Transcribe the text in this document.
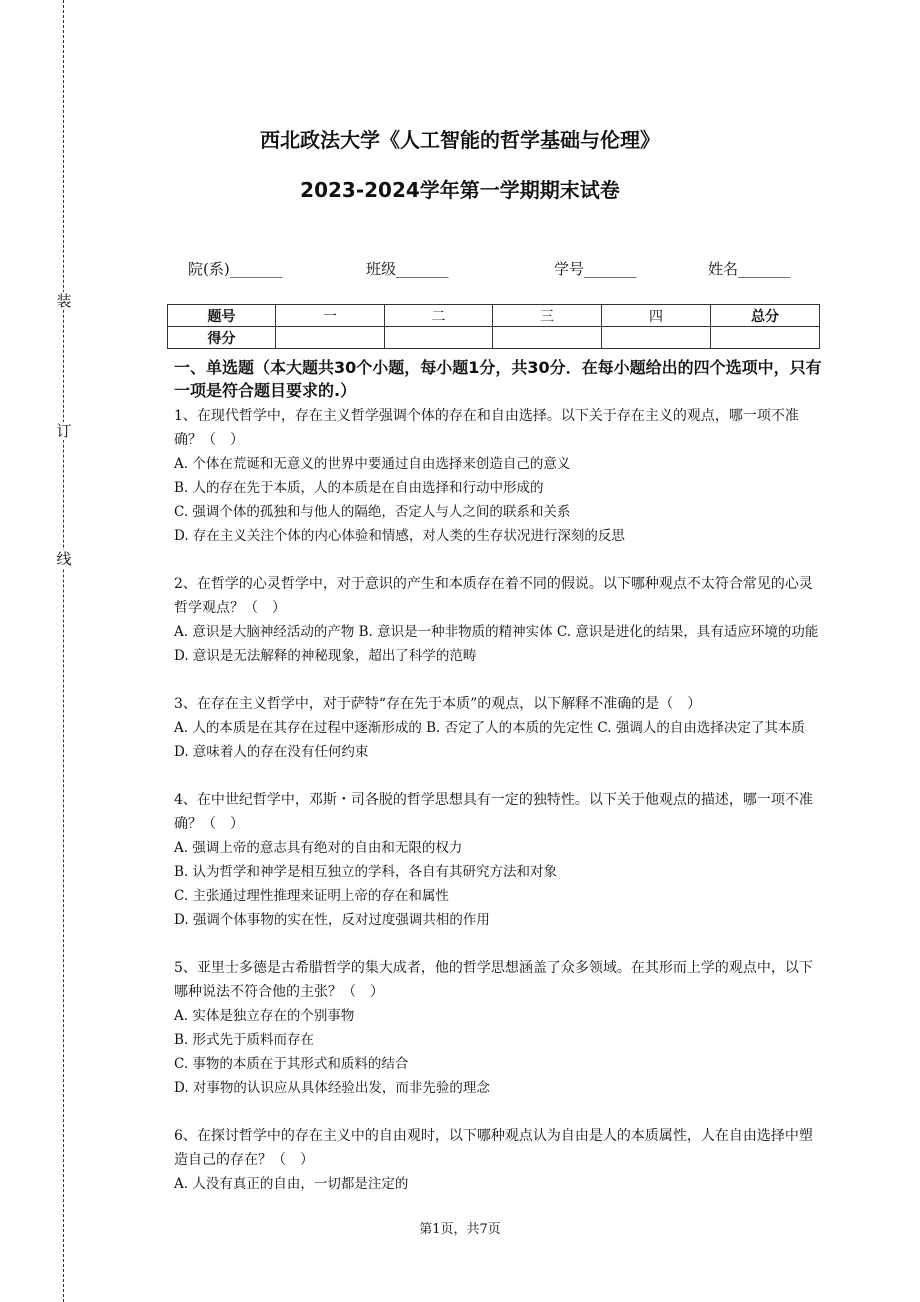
装
订
线
西北政法大学《人工智能的哲学基础与伦理》
2023-2024学年第一学期期末试卷
院(系)_______	班级_______	学号_______	姓名_______
题号	一	二	三	四	总分
得分					

一、单选题（本大题共30个小题，每小题1分，共30分．在每小题给出的四个选项中，只有一项是符合题目要求的.）

1、在现代哲学中，存在主义哲学强调个体的存在和自由选择。以下关于存在主义的观点，哪一项不准确？（　）

A. 个体在荒诞和无意义的世界中要通过自由选择来创造自己的意义

B. 人的存在先于本质，人的本质是在自由选择和行动中形成的

C. 强调个体的孤独和与他人的隔绝，否定人与人之间的联系和关系

D. 存在主义关注个体的内心体验和情感，对人类的生存状况进行深刻的反思

2、在哲学的心灵哲学中，对于意识的产生和本质存在着不同的假说。以下哪种观点不太符合常见的心灵哲学观点？（　）

A. 意识是大脑神经活动的产物 B. 意识是一种非物质的精神实体 C. 意识是进化的结果，具有适应环境的功能 D. 意识是无法解释的神秘现象，超出了科学的范畴

3、在存在主义哲学中，对于萨特“存在先于本质”的观点，以下解释不准确的是（　）

A. 人的本质是在其存在过程中逐渐形成的 B. 否定了人的本质的先定性 C. 强调人的自由选择决定了其本质 D. 意味着人的存在没有任何约束

4、在中世纪哲学中，邓斯・司各脱的哲学思想具有一定的独特性。以下关于他观点的描述，哪一项不准确？（　）

A. 强调上帝的意志具有绝对的自由和无限的权力

B. 认为哲学和神学是相互独立的学科，各自有其研究方法和对象

C. 主张通过理性推理来证明上帝的存在和属性

D. 强调个体事物的实在性，反对过度强调共相的作用

5、亚里士多德是古希腊哲学的集大成者，他的哲学思想涵盖了众多领域。在其形而上学的观点中，以下哪种说法不符合他的主张？（　）

A. 实体是独立存在的个别事物

B. 形式先于质料而存在

C. 事物的本质在于其形式和质料的结合

D. 对事物的认识应从具体经验出发，而非先验的理念

6、在探讨哲学中的存在主义中的自由观时，以下哪种观点认为自由是人的本质属性，人在自由选择中塑造自己的存在？（　）

A. 人没有真正的自由，一切都是注定的

第1页，共7页
